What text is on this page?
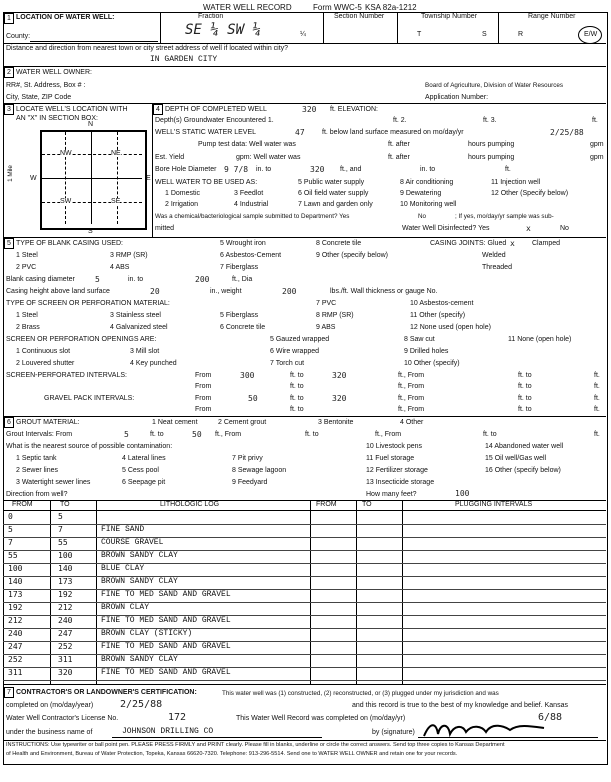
WATER WELL RECORD	Form WWC-5 KSA 82a-1212
1 LOCATION OF WATER WELL:
County:
Fraction
SE ¼ SW ¼	¼
Section Number	Township Number
T	S
Range Number
R	E/W
Distance and direction from nearest town or city street address of well if located within city?
IN GARDEN CITY
2 WATER WELL OWNER:
RR#, St. Address, Box # :
City, State, ZIP Code
Board of Agriculture, Division of Water Resources
Application Number:
3 LOCATE WELL'S LOCATION WITH
AN "X" IN SECTION BOX:
N
S
W	E
1 Mile
NW	NE
SW	SE
4 DEPTH OF COMPLETED WELL	320 ft. ELEVATION:
Depth(s) Groundwater Encountered 1.	ft. 2.	ft. 3.	ft.
WELL'S STATIC WATER LEVEL	47 ft. below land surface measured on mo/day/yr	2/25/88
Pump test data: Well water was	ft. after	hours pumping	gpm
Est. Yield	gpm: Well water was	ft. after	hours pumping	gpm
Bore Hole Diameter 9 7/8 in. to	320 ft., and	in. to	ft.
WELL WATER TO BE USED AS:	5 Public water supply	8 Air conditioning	11 Injection well
1 Domestic	3 Feedlot	6 Oil field water supply	9 Dewatering	12 Other (Specify below)
2 Irrigation	4 Industrial	7 Lawn and garden only	10 Monitoring well
Was a chemical/bacteriological sample submitted to Department? Yes	No	; If yes, mo/day/yr sample was sub-
mitted	Water Well Disinfected? Yes	x	No
5 TYPE OF BLANK CASING USED:	5 Wrought iron	8 Concrete tile	CASING JOINTS: Glued x Clamped
1 Steel	3 RMP (SR)	6 Asbestos-Cement	9 Other (specify below)	Welded
2 PVC	4 ABS	7 Fiberglass	Threaded
Blank casing diameter	5	in. to	200	ft., Dia
Casing height above land surface	20	in., weight	200	lbs./ft. Wall thickness or gauge No.
TYPE OF SCREEN OR PERFORATION MATERIAL:	7 PVC	10 Asbestos-cement
1 Steel	3 Stainless steel	5 Fiberglass	8 RMP (SR)	11 Other (specify)
2 Brass	4 Galvanized steel	6 Concrete tile	9 ABS	12 None used (open hole)
SCREEN OR PERFORATION OPENINGS ARE:	5 Gauzed wrapped	8 Saw cut	11 None (open hole)
1 Continuous slot	3 Mill slot	6 Wire wrapped	9 Drilled holes
2 Louvered shutter	4 Key punched	7 Torch cut	10 Other (specify)
SCREEN-PERFORATED INTERVALS:	From	300	ft. to	320	ft., From	ft. to	ft.
From	ft. to	ft., From	ft. to	ft.
GRAVEL PACK INTERVALS:	From	50	ft. to	320	ft., From	ft. to	ft.
From	ft. to	ft., From	ft. to	ft.
6 GROUT MATERIAL:	1 Neat cement	2 Cement grout	3 Bentonite	4 Other
Grout Intervals: From	5	ft. to	50 ft., From	ft. to	ft., From	ft. to	ft.
What is the nearest source of possible contamination:	10 Livestock pens	14 Abandoned water well
1 Septic tank	4 Lateral lines	7 Pit privy	11 Fuel storage	15 Oil well/Gas well
2 Sewer lines	5 Cess pool	8 Sewage lagoon	12 Fertilizer storage	16 Other (specify below)
3 Watertight sewer lines	6 Seepage pit	9 Feedyard	13 Insecticide storage
Direction from well?	How many feet?	100
FROM	TO	LITHOLOGIC LOG	FROM	TO	PLUGGING INTERVALS
0	5
5	7	FINE SAND
7	55	COURSE GRAVEL
55	100	BROWN SANDY CLAY
100	140	BLUE CLAY
140	173	BROWN SANDY CLAY
173	192	FINE TO MED SAND AND GRAVEL
192	212	BROWN CLAY
212	240	FINE TO MED SAND AND GRAVEL
240	247	BROWN CLAY (STICKY)
247	252	FINE TO MED SAND AND GRAVEL
252	311	BROWN SANDY CLAY
311	320	FINE TO MED SAND AND GRAVEL
7 CONTRACTOR'S OR LANDOWNER'S CERTIFICATION:	This water well was (1) constructed, (2) reconstructed, or (3) plugged under my jurisdiction and was
completed on (mo/day/year)	2/25/88	and this record is true to the best of my knowledge and belief. Kansas
Water Well Contractor's License No.	172	This Water Well Record was completed on (mo/day/yr)	6/88
under the business name of	JOHNSON DRILLING CO	by (signature)
INSTRUCTIONS: Use typewriter or ball point pen. PLEASE PRESS FIRMLY and PRINT clearly. Please fill in blanks, underline or circle the correct answers. Send top three copies to Kansas Department
of Health and Environment, Bureau of Water Protection, Topeka, Kansas 66620-7320. Telephone: 913-296-5514. Send one to WATER WELL OWNER and retain one for your records.
